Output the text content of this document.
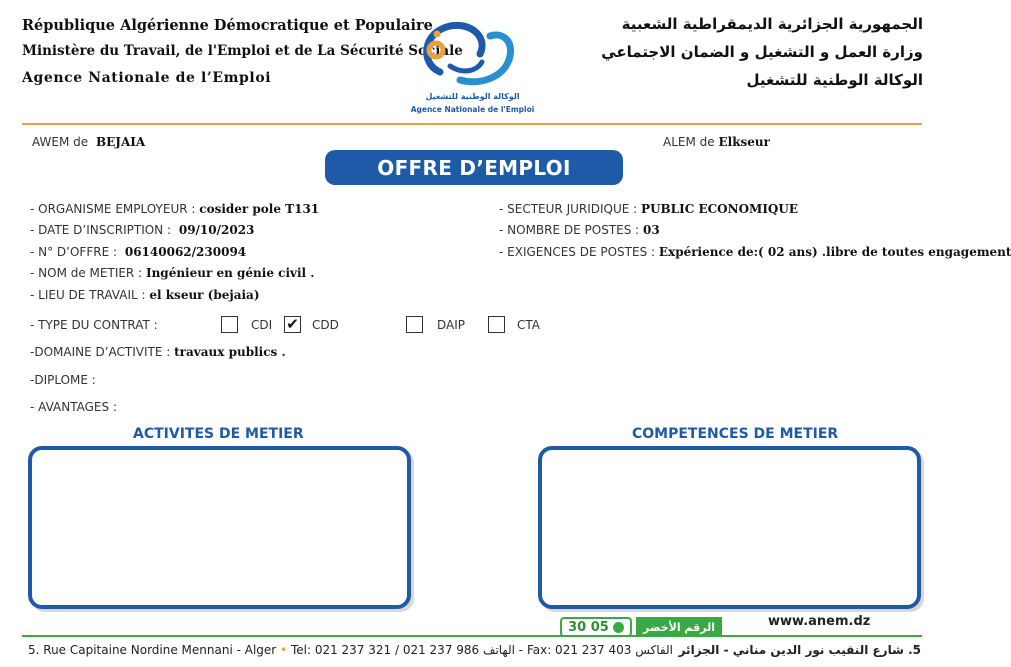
République Algérienne Démocratique et Populaire
Ministère du Travail, de l'Emploi et de La Sécurité Sociale
Agence Nationale de l’Emploi
الجمهورية الجزائرية الديمقراطية الشعبية
وزارة العمل و التشغيل و الضمان الاجتماعي
الوكالة الوطنية للتشغيل
الوكالة الوطنية للتشغيل
Agence Nationale de l'Emploi
AWEM de BEJAIA	ALEM de Elkseur
OFFRE D’EMPLOI
- ORGANISME EMPLOYEUR : cosider pole T131
- DATE D’INSCRIPTION : 09/10/2023
- N° D’OFFRE : 06140062/230094
- NOM de METIER : Ingénieur en génie civil .
- LIEU DE TRAVAIL : el kseur (bejaia)
- SECTEUR JURIDIQUE : PUBLIC ECONOMIQUE
- NOMBRE DE POSTES : 03
- EXIGENCES DE POSTES : Expérience de:( 02 ans) .libre de toutes engagement
- TYPE DU CONTRAT :	CDI ✔ CDD	DAIP	CTA
-DOMAINE D’ACTIVITE : travaux publics .
-DIPLOME :
- AVANTAGES :
ACTIVITES DE METIER	COMPETENCES DE METIER
30 05	الرقم الأخضر	www.anem.dz
5. Rue Capitaine Nordine Mennani - Alger • Tel: 021 237 321 / 021 237 986 الهاتف - Fax: 021 237 403 الفاكس 5. شارع النقيب نور الدين مناني - الجزائر
